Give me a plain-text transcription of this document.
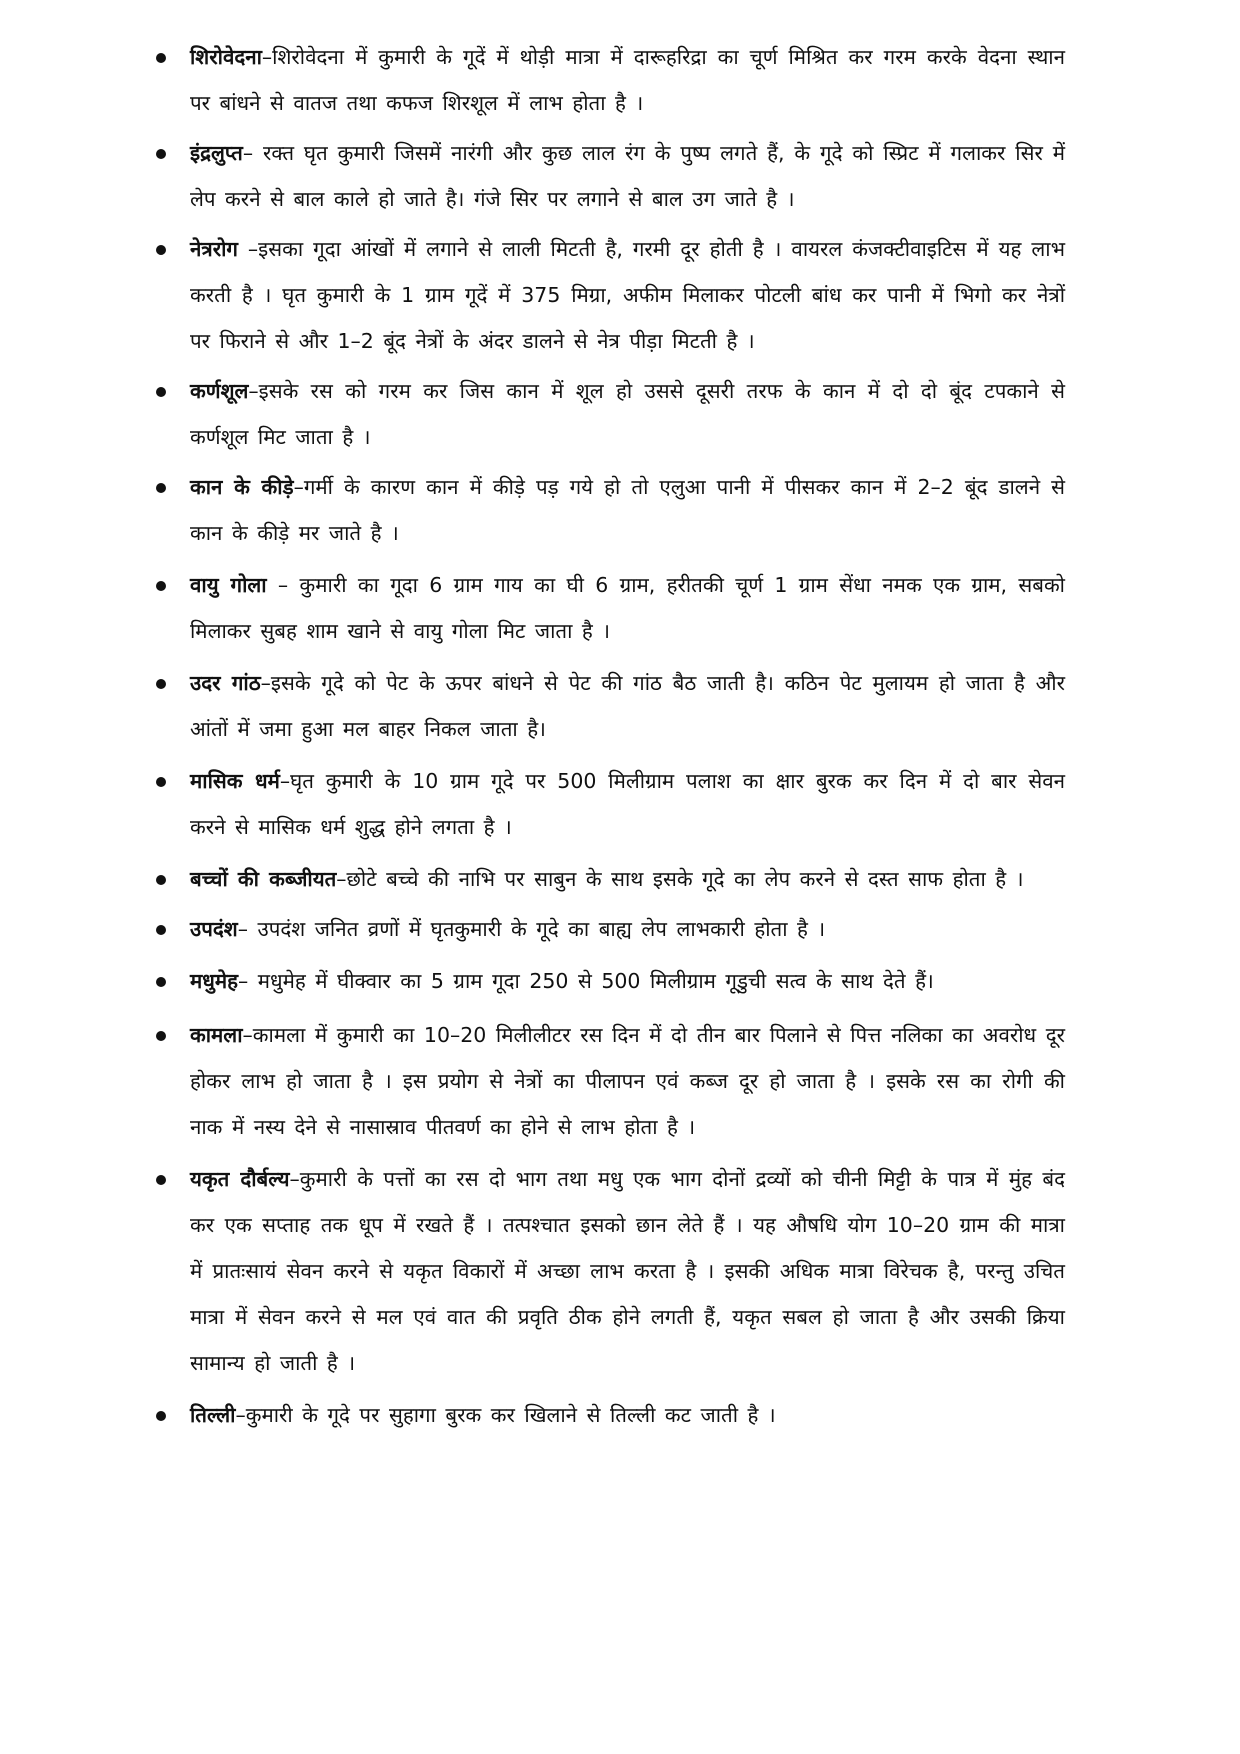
शिरोवेदना–शिरोवेदना में कुमारी के गूदें में थोड़ी मात्रा में दारूहरिद्रा का चूर्ण मिश्रित कर गरम करके वेदना स्थान पर बांधने से वातज तथा कफज शिरशूल में लाभ होता है ।
इंद्रलुप्त– रक्त घृत कुमारी जिसमें नारंगी और कुछ लाल रंग के पुष्प लगते हैं, के गूदे को स्प्रिट में गलाकर सिर में लेप करने से बाल काले हो जाते है। गंजे सिर पर लगाने से बाल उग जाते है ।
नेत्ररोग –इसका गूदा आंखों में लगाने से लाली मिटती है, गरमी दूर होती है । वायरल कंजक्टीवाइटिस में यह लाभ करती है । घृत कुमारी के 1 ग्राम गूदें में 375 मिग्रा, अफीम मिलाकर पोटली बांध कर पानी में भिगो कर नेत्रों पर फिराने से और 1–2 बूंद नेत्रों के अंदर डालने से नेत्र पीड़ा मिटती है ।
कर्णशूल–इसके रस को गरम कर जिस कान में शूल हो उससे दूसरी तरफ के कान में दो दो बूंद टपकाने से कर्णशूल मिट जाता है ।
कान के कीड़े–गर्मी के कारण कान में कीड़े पड़ गये हो तो एलुआ पानी में पीसकर कान में 2–2 बूंद डालने से कान के कीड़े मर जाते है ।
वायु गोला – कुमारी का गूदा 6 ग्राम गाय का घी 6 ग्राम, हरीतकी चूर्ण 1 ग्राम सेंधा नमक एक ग्राम, सबको मिलाकर सुबह शाम खाने से वायु गोला मिट जाता है ।
उदर गांठ–इसके गूदे को पेट के ऊपर बांधने से पेट की गांठ बैठ जाती है। कठिन पेट मुलायम हो जाता है और आंतों में जमा हुआ मल बाहर निकल जाता है।
मासिक धर्म–घृत कुमारी के 10 ग्राम गूदे पर 500 मिलीग्राम पलाश का क्षार बुरक कर दिन में दो बार सेवन करने से मासिक धर्म शुद्ध होने लगता है ।
बच्चों की कब्जीयत–छोटे बच्चे की नाभि पर साबुन के साथ इसके गूदे का लेप करने से दस्त साफ होता है ।
उपदंश– उपदंश जनित व्रणों में घृतकुमारी के गूदे का बाह्य लेप लाभकारी होता है ।
मधुमेह– मधुमेह में घीक्वार का 5 ग्राम गूदा 250 से 500 मिलीग्राम गूडुची सत्व के साथ देते हैं।
कामला–कामला में कुमारी का 10–20 मिलीलीटर रस दिन में दो तीन बार पिलाने से पित्त नलिका का अवरोध दूर होकर लाभ हो जाता है । इस प्रयोग से नेत्रों का पीलापन एवं कब्ज दूर हो जाता है । इसके रस का रोगी की नाक में नस्य देने से नासास्राव पीतवर्ण का होने से लाभ होता है ।
यकृत दौर्बल्य–कुमारी के पत्तों का रस दो भाग तथा मधु एक भाग दोनों द्रव्यों को चीनी मिट्टी के पात्र में मुंह बंद कर एक सप्ताह तक धूप में रखते हैं । तत्पश्चात इसको छान लेते हैं । यह औषधि योग 10–20 ग्राम की मात्रा में प्रातःसायं सेवन करने से यकृत विकारों में अच्छा लाभ करता है । इसकी अधिक मात्रा विरेचक है, परन्तु उचित मात्रा में सेवन करने से मल एवं वात की प्रवृति ठीक होने लगती हैं, यकृत सबल हो जाता है और उसकी क्रिया सामान्य हो जाती है ।
तिल्ली–कुमारी के गूदे पर सुहागा बुरक कर खिलाने से तिल्ली कट जाती है ।
